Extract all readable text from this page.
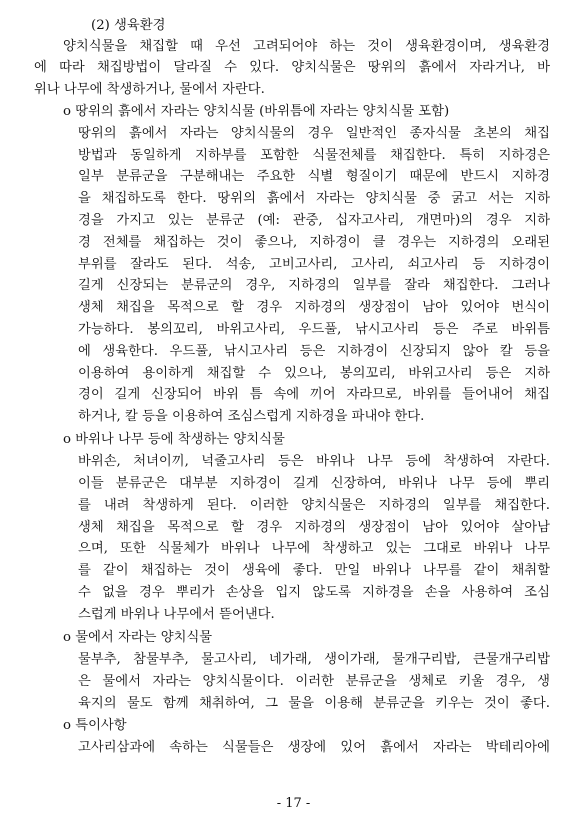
(2) 생육환경
양치식물을 채집할 때 우선 고려되어야 하는 것이 생육환경이며, 생육환경
에 따라 채집방법이 달라질 수 있다. 양치식물은 땅위의 흙에서 자라거나, 바
위나 나무에 착생하거나, 물에서 자란다.
o 땅위의 흙에서 자라는 양치식물 (바위틈에 자라는 양치식물 포함)
땅위의 흙에서 자라는 양치식물의 경우 일반적인 종자식물 초본의 채집
방법과 동일하게 지하부를 포함한 식물전체를 채집한다. 특히 지하경은
일부 분류군을 구분해내는 주요한 식별 형질이기 때문에 반드시 지하경
을 채집하도록 한다. 땅위의 흙에서 자라는 양치식물 중 굵고 서는 지하
경을 가지고 있는 분류군 (예: 관중, 십자고사리, 개면마)의 경우 지하
경 전체를 채집하는 것이 좋으나, 지하경이 클 경우는 지하경의 오래된
부위를 잘라도 된다. 석송, 고비고사리, 고사리, 쇠고사리 등 지하경이
길게 신장되는 분류군의 경우, 지하경의 일부를 잘라 채집한다. 그러나
생체 채집을 목적으로 할 경우 지하경의 생장점이 남아 있어야 번식이
가능하다. 봉의꼬리, 바위고사리, 우드풀, 낚시고사리 등은 주로 바위틈
에 생육한다. 우드풀, 낚시고사리 등은 지하경이 신장되지 않아 칼 등을
이용하여 용이하게 채집할 수 있으나, 봉의꼬리, 바위고사리 등은 지하
경이 길게 신장되어 바위 틈 속에 끼어 자라므로, 바위를 들어내어 채집
하거나, 칼 등을 이용하여 조심스럽게 지하경을 파내야 한다.
o 바위나 나무 등에 착생하는 양치식물
바위손, 처녀이끼, 넉줄고사리 등은 바위나 나무 등에 착생하여 자란다.
이들 분류군은 대부분 지하경이 길게 신장하여, 바위나 나무 등에 뿌리
를 내려 착생하게 된다. 이러한 양치식물은 지하경의 일부를 채집한다.
생체 채집을 목적으로 할 경우 지하경의 생장점이 남아 있어야 살아남
으며, 또한 식물체가 바위나 나무에 착생하고 있는 그대로 바위나 나무
를 같이 채집하는 것이 생육에 좋다. 만일 바위나 나무를 같이 채취할
수 없을 경우 뿌리가 손상을 입지 않도록 지하경을 손을 사용하여 조심
스럽게 바위나 나무에서 뜯어낸다.
o 물에서 자라는 양치식물
물부추, 참물부추, 물고사리, 네가래, 생이가래, 물개구리밥, 큰물개구리밥
은 물에서 자라는 양치식물이다. 이러한 분류군을 생체로 키울 경우, 생
육지의 물도 함께 채취하여, 그 물을 이용해 분류군을 키우는 것이 좋다.
o 특이사항
고사리삼과에 속하는 식물들은 생장에 있어 흙에서 자라는 박테리아에
- 17 -
